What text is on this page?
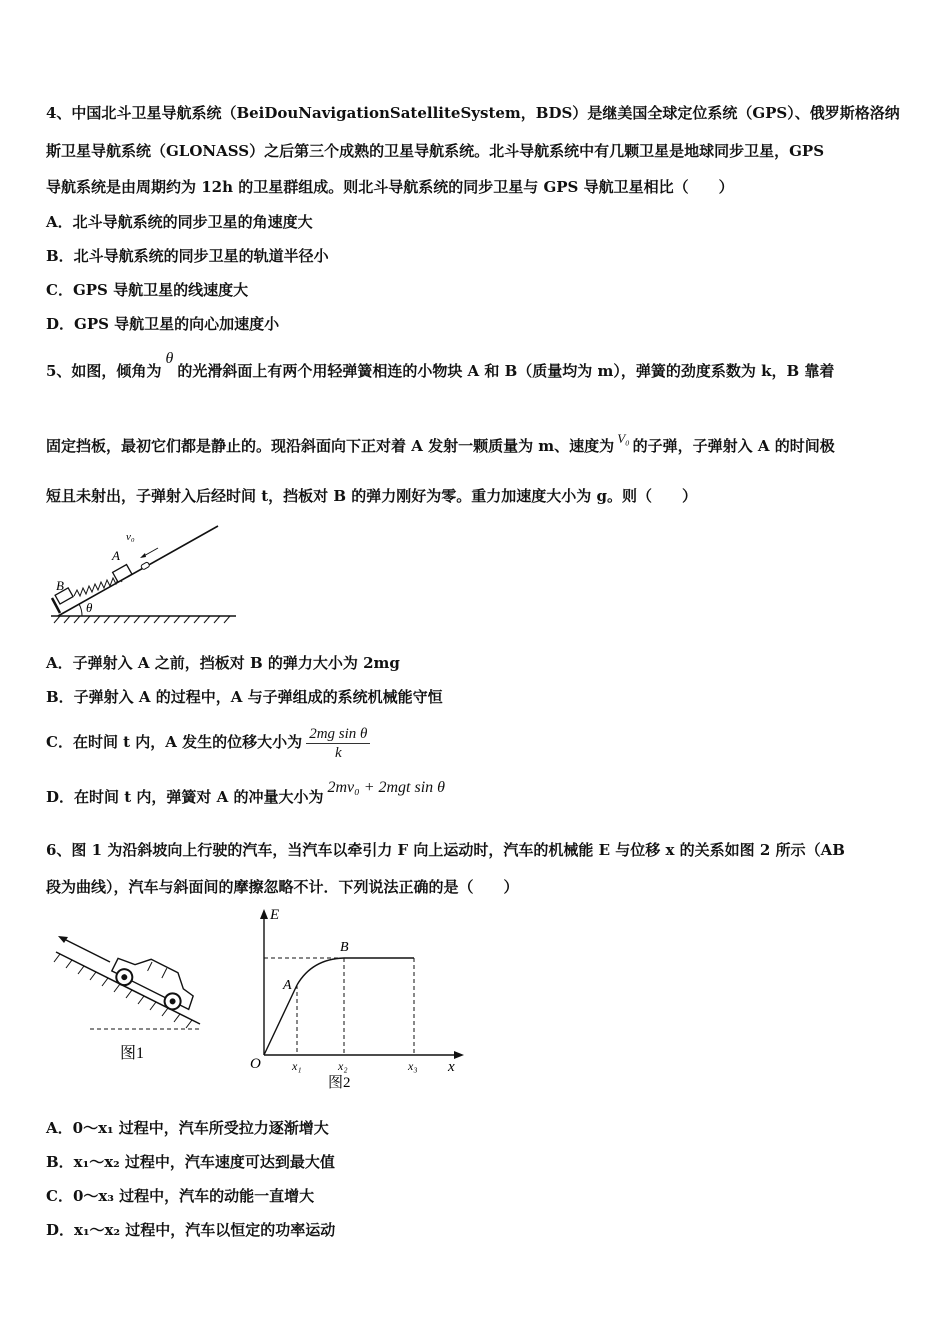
4、中国北斗卫星导航系统（BeiDouNavigationSatelliteSystem，BDS）是继美国全球定位系统（GPS）、俄罗斯格洛纳
斯卫星导航系统（GLONASS）之后第三个成熟的卫星导航系统。北斗导航系统中有几颗卫星是地球同步卫星，GPS
导航系统是由周期约为 12h 的卫星群组成。则北斗导航系统的同步卫星与 GPS 导航卫星相比（　　）
A．北斗导航系统的同步卫星的角速度大
B．北斗导航系统的同步卫星的轨道半径小
C．GPS 导航卫星的线速度大
D．GPS 导航卫星的向心加速度小
5、如图，倾角为θ的光滑斜面上有两个用轻弹簧相连的小物块 A 和 B（质量均为 m），弹簧的劲度系数为 k，B 靠着
固定挡板，最初它们都是静止的。现沿斜面向下正对着 A 发射一颗质量为 m、速度为 V₀ 的子弹，子弹射入 A 的时间极
短且未射出，子弹射入后经时间 t，挡板对 B 的弹力刚好为零。重力加速度大小为 g。则（　　）
v₀
A
B
θ
A．子弹射入 A 之前，挡板对 B 的弹力大小为 2mg
B．子弹射入 A 的过程中，A 与子弹组成的系统机械能守恒
C．在时间 t 内，A 发生的位移大小为 $\frac{\text{2mg sin θ}}{k}$
D．在时间 t 内，弹簧对 A 的冲量大小为2mv₀ + 2mgt sin θ
6、图 1 为沿斜坡向上行驶的汽车，当汽车以牵引力 F 向上运动时，汽车的机械能 E 与位移 x 的关系如图 2 所示（AB
段为曲线），汽车与斜面间的摩擦忽略不计．下列说法正确的是（　　）
图1
E
x
O
A
B
x₁	x₂	x₃
图2
A．0～x₁ 过程中，汽车所受拉力逐渐增大
B．x₁～x₂ 过程中，汽车速度可达到最大值
C．0～x₃ 过程中，汽车的动能一直增大
D．x₁～x₂ 过程中，汽车以恒定的功率运动
